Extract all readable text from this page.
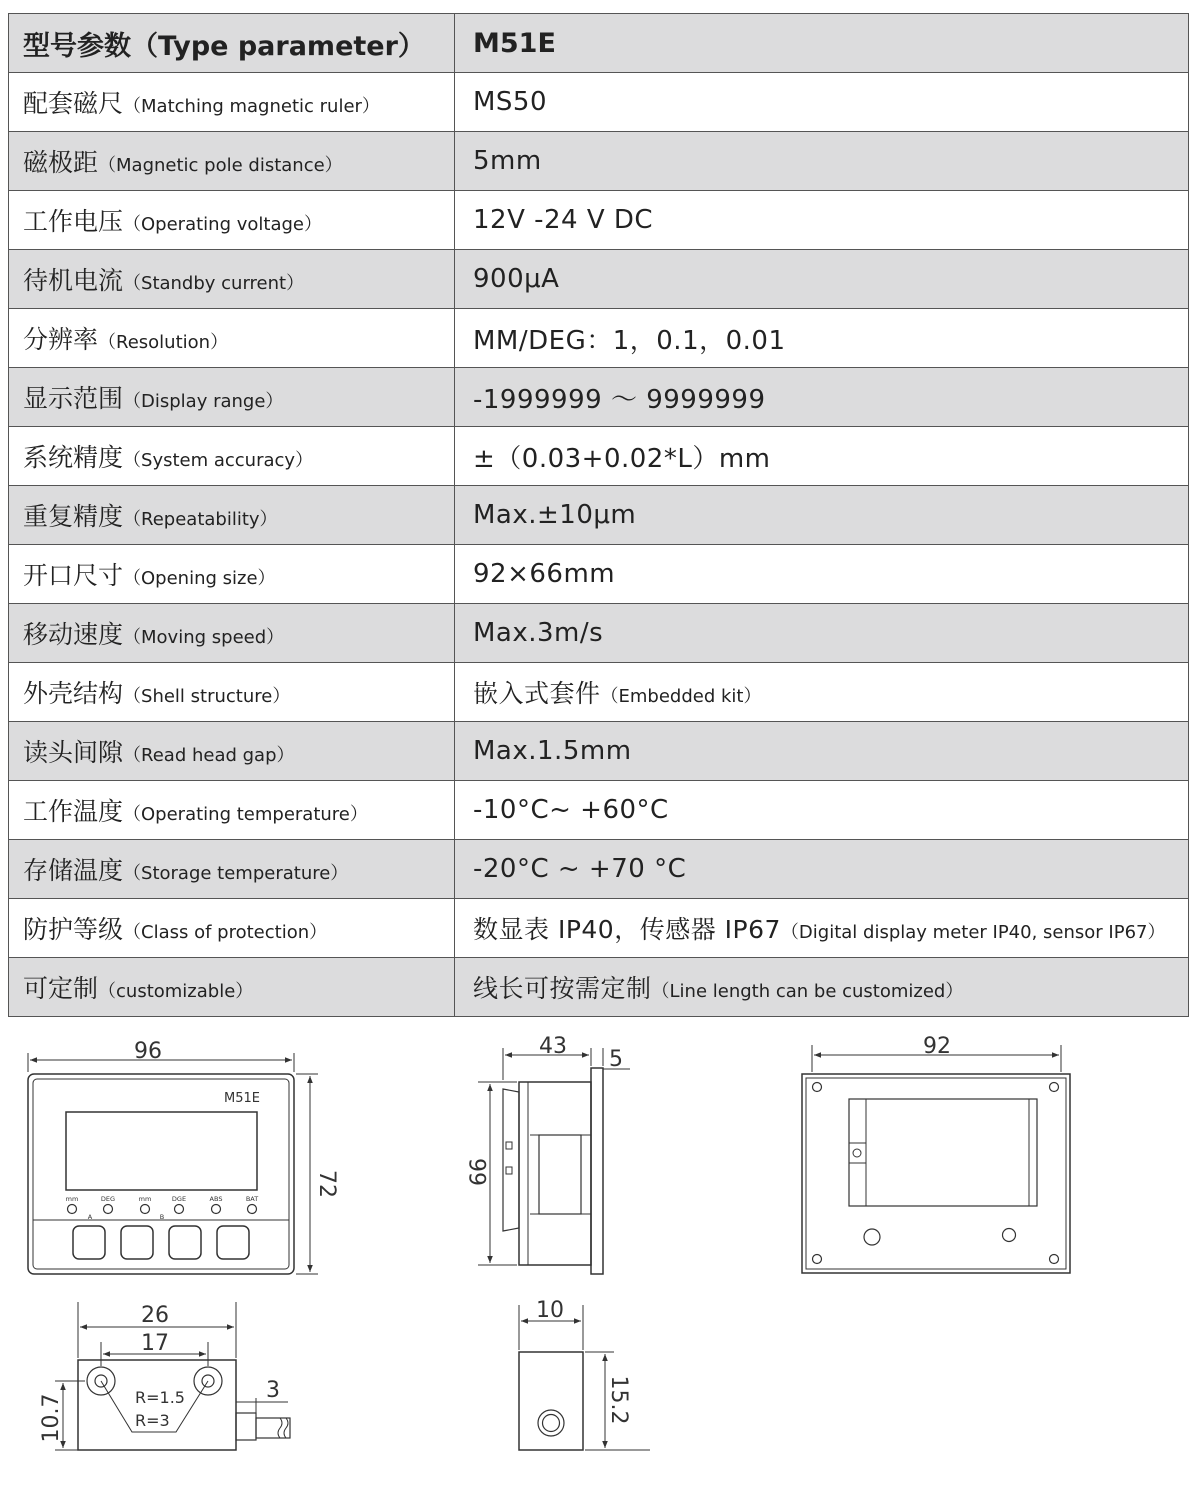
型号参数（Type parameter）	M51E
配套磁尺（Matching magnetic ruler）	MS50
磁极距（Magnetic pole distance）	5mm
工作电压（Operating voltage）	12V -24 V DC
待机电流（Standby current）	900μA
分辨率（Resolution）	MM/DEG：1，0.1，0.01
显示范围（Display range）	-1999999 ～ 9999999
系统精度（System accuracy）	±（0.03+0.02*L）mm
重复精度（Repeatability）	Max.±10μm
开口尺寸（Opening size）	92×66mm
移动速度（Moving speed）	Max.3m/s
外壳结构（Shell structure）	嵌入式套件（Embedded kit）
读头间隙（Read head gap）	Max.1.5mm
工作温度（Operating temperature）	-10°C~ +60°C
存储温度（Storage temperature）	-20°C ~ +70 °C
防护等级（Class of protection）	数显表 IP40，传感器 IP67（Digital display meter IP40, sensor IP67）
可定制（customizable）	线长可按需定制（Line length can be customized）
96
72
M51E
mm	DEG	mm	DGE	ABS	BAT
A	B
43
5
66
92
26
17
10.7
3
R=1.5
R=3
10
15.2
